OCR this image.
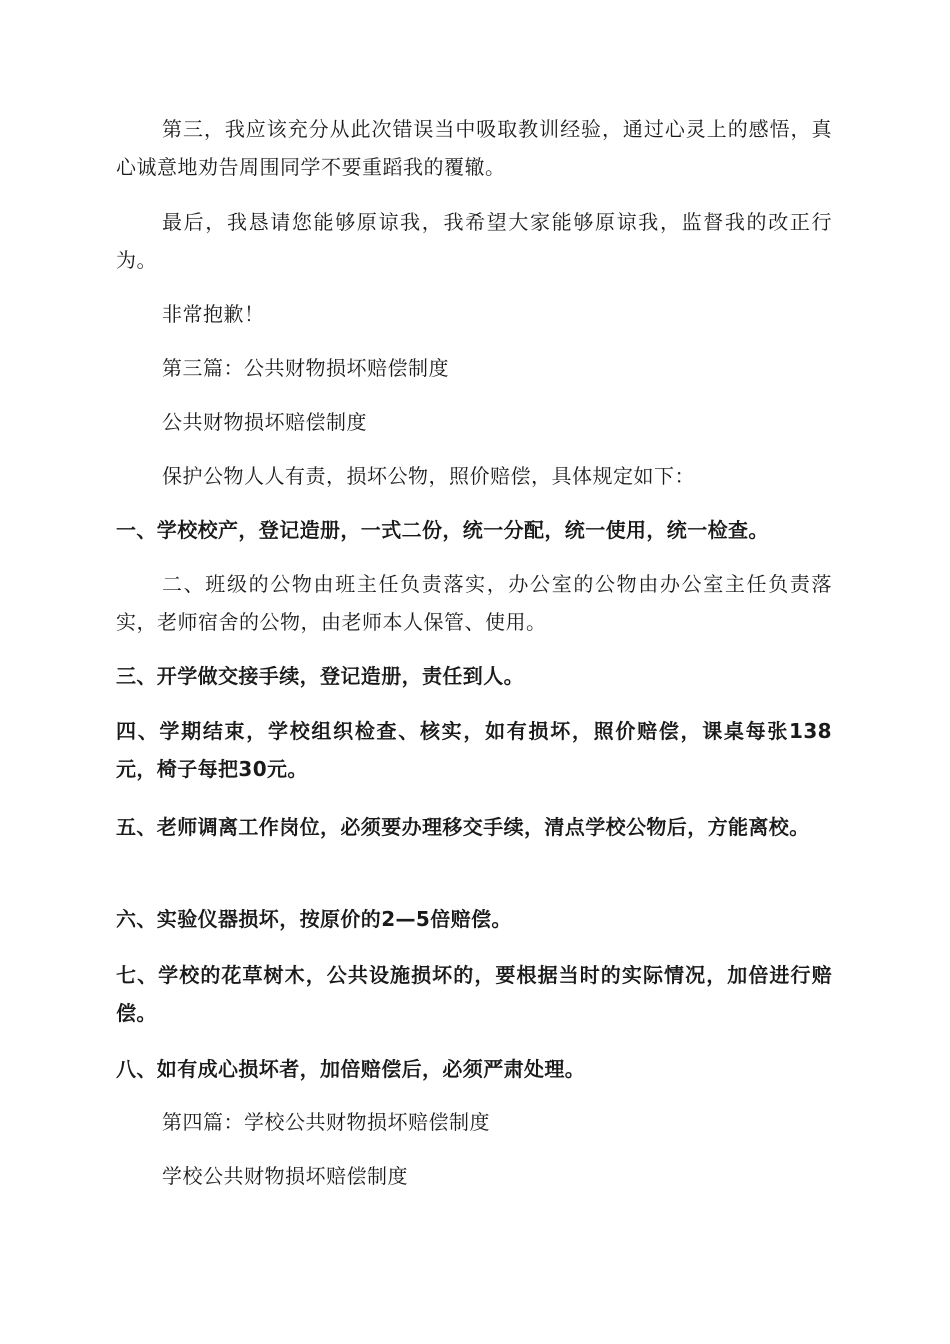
第三，我应该充分从此次错误当中吸取教训经验，通过心灵上的感悟，真心诚意地劝告周围同学不要重蹈我的覆辙。

最后，我恳请您能够原谅我，我希望大家能够原谅我，监督我的改正行为。

非常抱歉！

第三篇：公共财物损坏赔偿制度

公共财物损坏赔偿制度

保护公物人人有责，损坏公物，照价赔偿，具体规定如下：

一、学校校产，登记造册，一式二份，统一分配，统一使用，统一检查。

二、班级的公物由班主任负责落实，办公室的公物由办公室主任负责落实，老师宿舍的公物，由老师本人保管、使用。

三、开学做交接手续，登记造册，责任到人。

四、学期结束，学校组织检查、核实，如有损坏，照价赔偿，课桌每张138元，椅子每把30元。

五、老师调离工作岗位，必须要办理移交手续，清点学校公物后，方能离校。

六、实验仪器损坏，按原价的2—5倍赔偿。

七、学校的花草树木，公共设施损坏的，要根据当时的实际情况，加倍进行赔偿。

八、如有成心损坏者，加倍赔偿后，必须严肃处理。

第四篇：学校公共财物损坏赔偿制度

学校公共财物损坏赔偿制度
